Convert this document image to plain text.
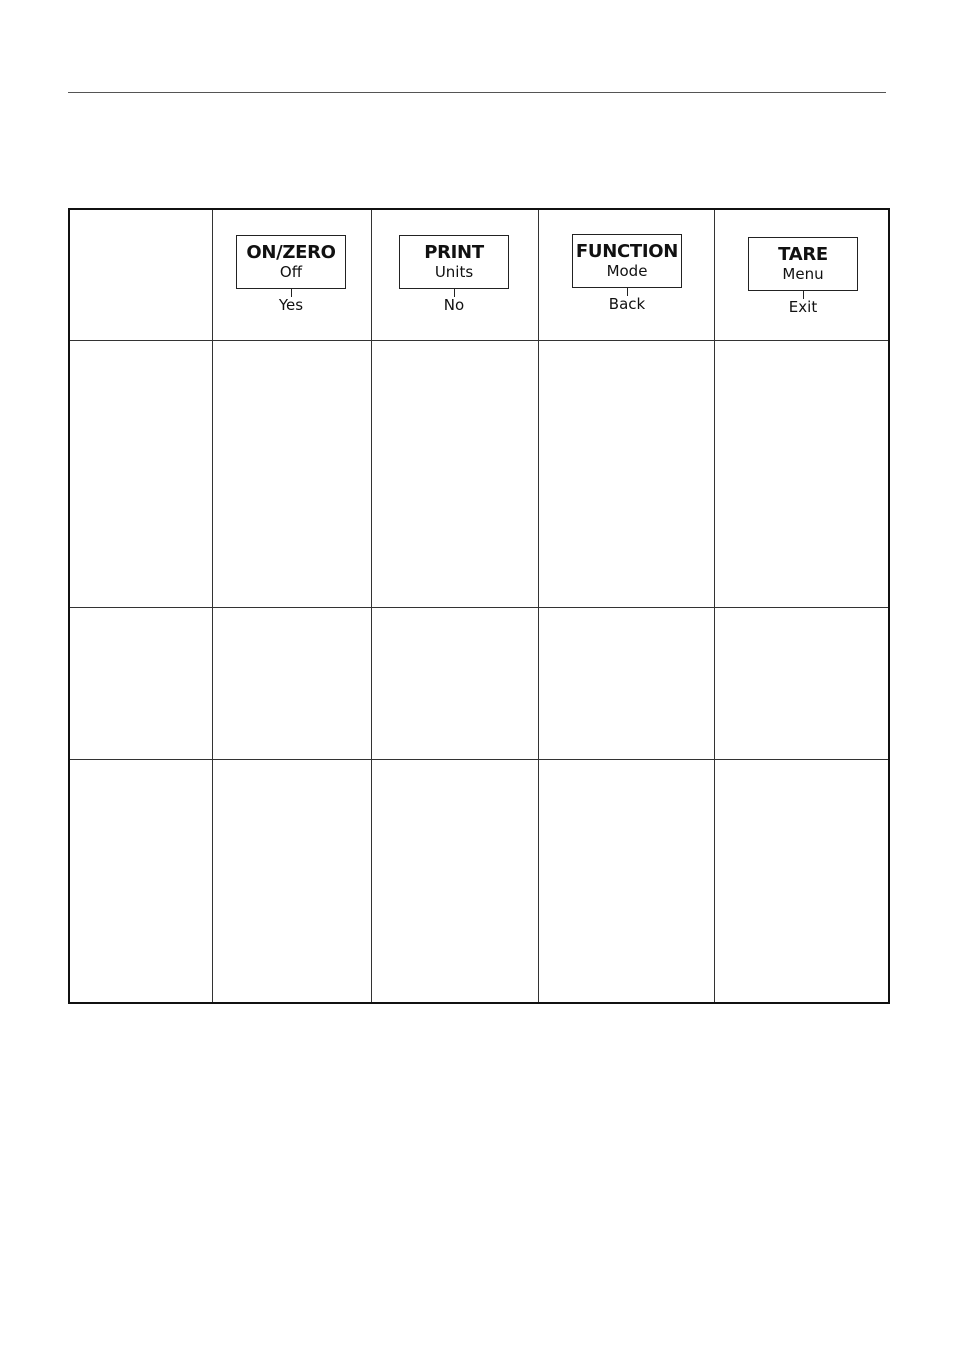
ON/ZERO
Off
Yes
PRINT
Units
No
FUNCTION
Mode
Back
TARE
Menu
Exit
